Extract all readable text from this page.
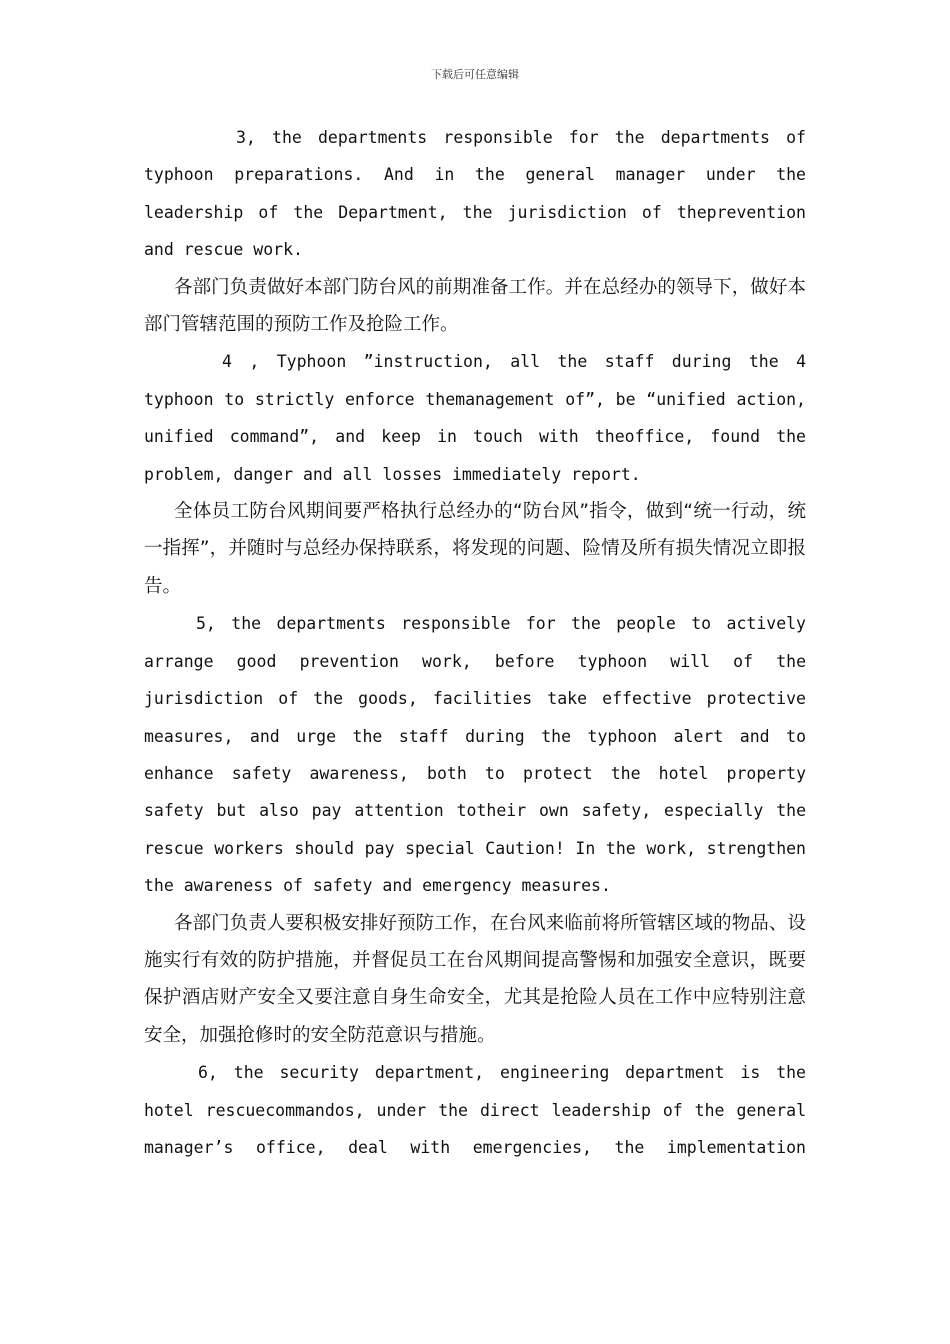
下载后可任意编辑

3, the departments responsible for the departments of typhoon preparations. And in the general manager under the leadership of the Department, the jurisdiction of theprevention and rescue work.

各部门负责做好本部门防台风的前期准备工作。并在总经办的领导下，做好本部门管辖范围的预防工作及抢险工作。

4 , Typhoon ”instruction, all the staff during the 4 typhoon to strictly enforce themanagement of”, be “unified action, unified command”, and keep in touch with theoffice, found the problem, danger and all losses immediately report.

全体员工防台风期间要严格执行总经办的“防台风”指令，做到“统一行动，统一指挥”，并随时与总经办保持联系，将发现的问题、险情及所有损失情况立即报告。

5, the departments responsible for the people to actively arrange good prevention work, before typhoon will of the jurisdiction of the goods, facilities take effective protective measures, and urge the staff during the typhoon alert and to enhance safety awareness, both to protect the hotel property safety but also pay attention totheir own safety, especially the rescue workers should pay special Caution! In the work, strengthen the awareness of safety and emergency measures.

各部门负责人要积极安排好预防工作，在台风来临前将所管辖区域的物品、设施实行有效的防护措施，并督促员工在台风期间提高警惕和加强安全意识，既要保护酒店财产安全又要注意自身生命安全，尤其是抢险人员在工作中应特别注意安全，加强抢修时的安全防范意识与措施。

6, the security department, engineering department is the hotel rescuecommandos, under the direct leadership of the general manager’s office, deal with emergencies, the implementation
